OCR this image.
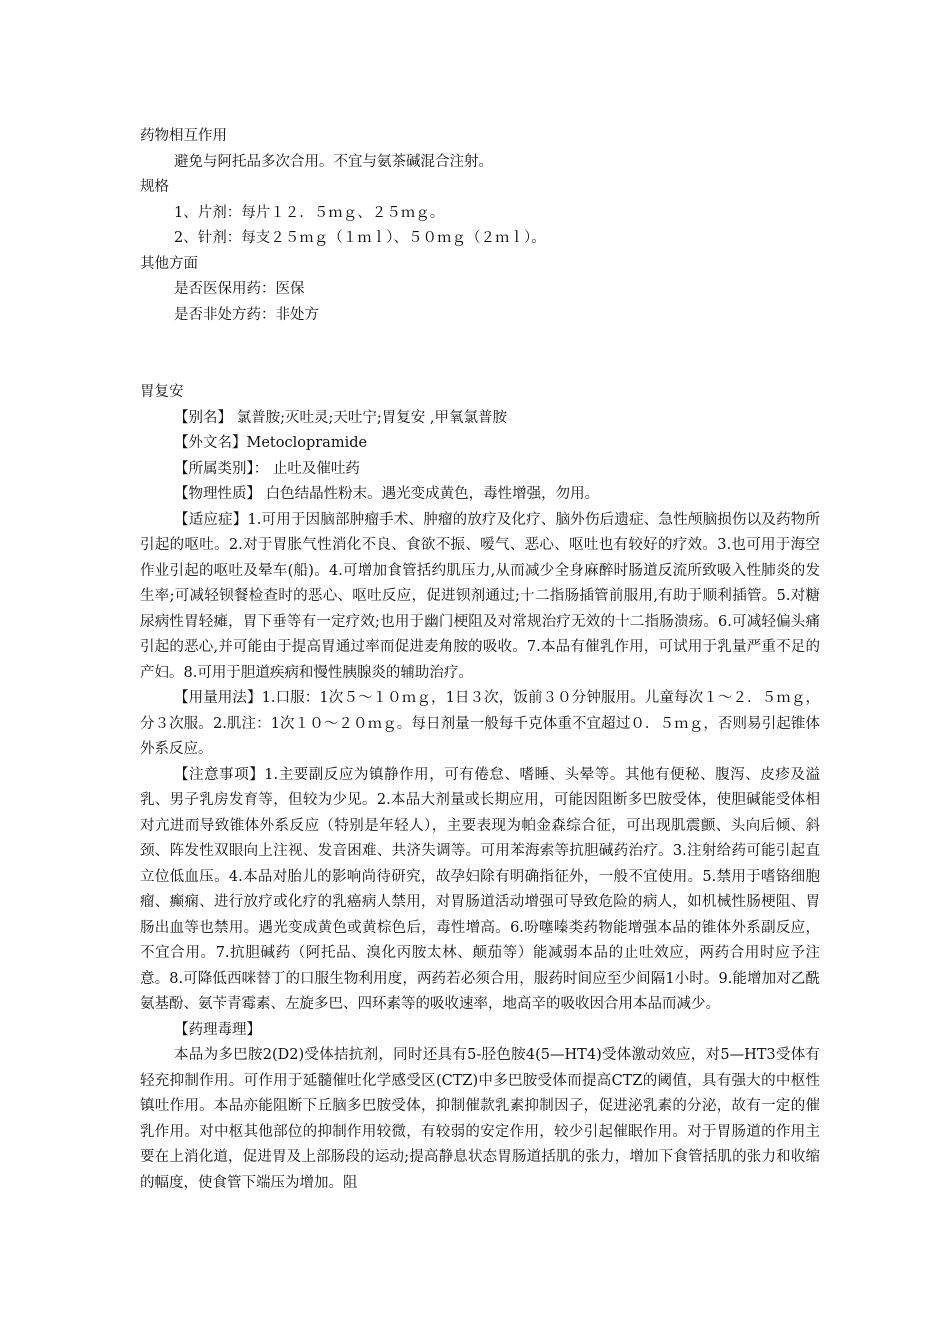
药物相互作用

避免与阿托品多次合用。不宜与氨茶碱混合注射。

规格

1、片剂：每片１２．５ｍｇ、２５ｍｇ。

2、针剂：每支２５ｍｇ（１ｍｌ）、５０ｍｇ（２ｍｌ）。

其他方面

是否医保用药：医保

是否非处方药：非处方

胃复安

【别名】 氯普胺;灭吐灵;天吐宁;胃复安 ,甲氧氯普胺

【外文名】Metoclopramide

【所属类别】： 止吐及催吐药

【物理性质】 白色结晶性粉末。遇光变成黄色，毒性增强，勿用。

【适应症】1.可用于因脑部肿瘤手术、肿瘤的放疗及化疗、脑外伤后遗症、急性颅脑损伤以及药物所引起的呕吐。2.对于胃胀气性消化不良、食欲不振、嗳气、恶心、呕吐也有较好的疗效。3.也可用于海空作业引起的呕吐及晕车(船)。4.可增加食管括约肌压力,从而减少全身麻醉时肠道反流所致吸入性肺炎的发生率;可减轻钡餐检查时的恶心、呕吐反应，促进钡剂通过;十二指肠插管前服用,有助于顺利插管。5.对糖尿病性胃轻瘫，胃下垂等有一定疗效;也用于幽门梗阻及对常规治疗无效的十二指肠溃疡。6.可减轻偏头痛引起的恶心,并可能由于提高胃通过率而促进麦角胺的吸收。7.本品有催乳作用，可试用于乳量严重不足的产妇。8.可用于胆道疾病和慢性胰腺炎的辅助治疗。

【用量用法】1.口服：1次５～１０ｍｇ，1日３次，饭前３０分钟服用。儿童每次１～２．５ｍｇ，分３次服。2.肌注：1次１０～２０ｍｇ。每日剂量一般每千克体重不宜超过０．５ｍｇ，否则易引起锥体外系反应。

【注意事项】1.主要副反应为镇静作用，可有倦怠、嗜睡、头晕等。其他有便秘、腹泻、皮疹及溢乳、男子乳房发育等，但较为少见。2.本品大剂量或长期应用，可能因阻断多巴胺受体，使胆碱能受体相对亢进而导致锥体外系反应（特别是年轻人），主要表现为帕金森综合征，可出现肌震颤、头向后倾、斜颈、阵发性双眼向上注视、发音困难、共济失调等。可用苯海索等抗胆碱药治疗。3.注射给药可能引起直立位低血压。4.本品对胎儿的影响尚待研究，故孕妇除有明确指征外，一般不宜使用。5.禁用于嗜铬细胞瘤、癫痫、进行放疗或化疗的乳癌病人禁用，对胃肠道活动增强可导致危险的病人，如机械性肠梗阻、胃肠出血等也禁用。遇光变成黄色或黄棕色后，毒性增高。6.吩噻嗪类药物能增强本品的锥体外系副反应，不宜合用。7.抗胆碱药（阿托品、溴化丙胺太林、颠茄等）能减弱本品的止吐效应，两药合用时应予注意。8.可降低西咪替丁的口服生物利用度，两药若必须合用，服药时间应至少间隔1小时。9.能增加对乙酰氨基酚、氨苄青霉素、左旋多巴、四环素等的吸收速率，地高辛的吸收因合用本品而减少。

【药理毒理】

本品为多巴胺2(D2)受体拮抗剂，同时还具有5-胫色胺4(5—HT4)受体激动效应，对5—HT3受体有轻充抑制作用。可作用于延髓催吐化学感受区(CTZ)中多巴胺受体而提高CTZ的阈值，具有强大的中枢性镇吐作用。本品亦能阻断下丘脑多巴胺受体，抑制催款乳素抑制因子，促进泌乳素的分泌，故有一定的催乳作用。对中枢其他部位的抑制作用较微，有较弱的安定作用，较少引起催眠作用。对于胃肠道的作用主要在上消化道，促进胃及上部肠段的运动;提高静息状态胃肠道括肌的张力，增加下食管括肌的张力和收缩的幅度，使食管下端压为增加。阻
